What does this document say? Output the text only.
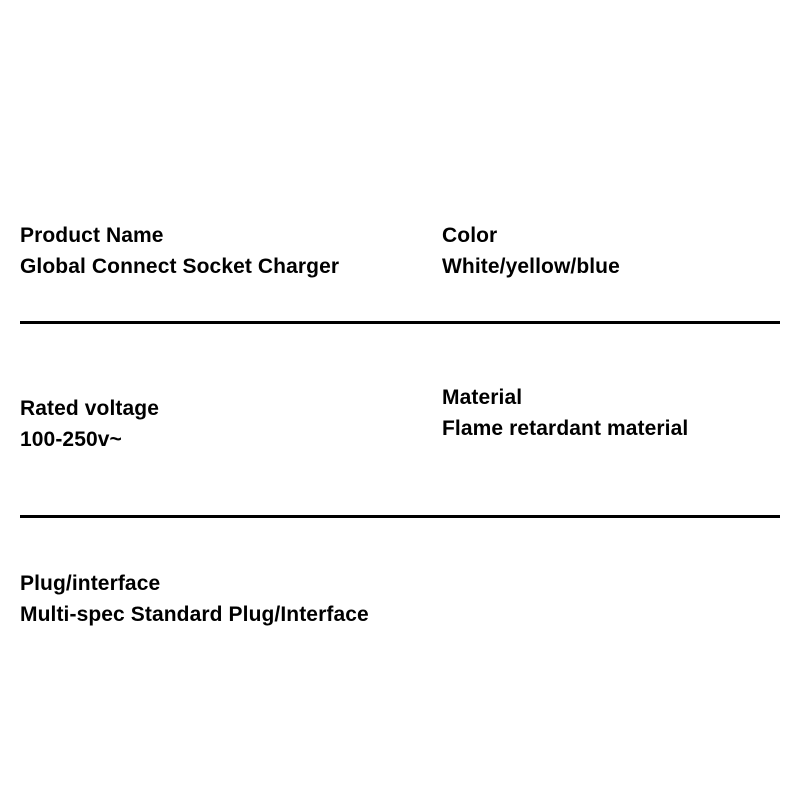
Product Name
Global Connect Socket Charger
Color
White/yellow/blue
Rated voltage
100-250v~
Material
Flame retardant material
Plug/interface
Multi-spec Standard Plug/Interface
